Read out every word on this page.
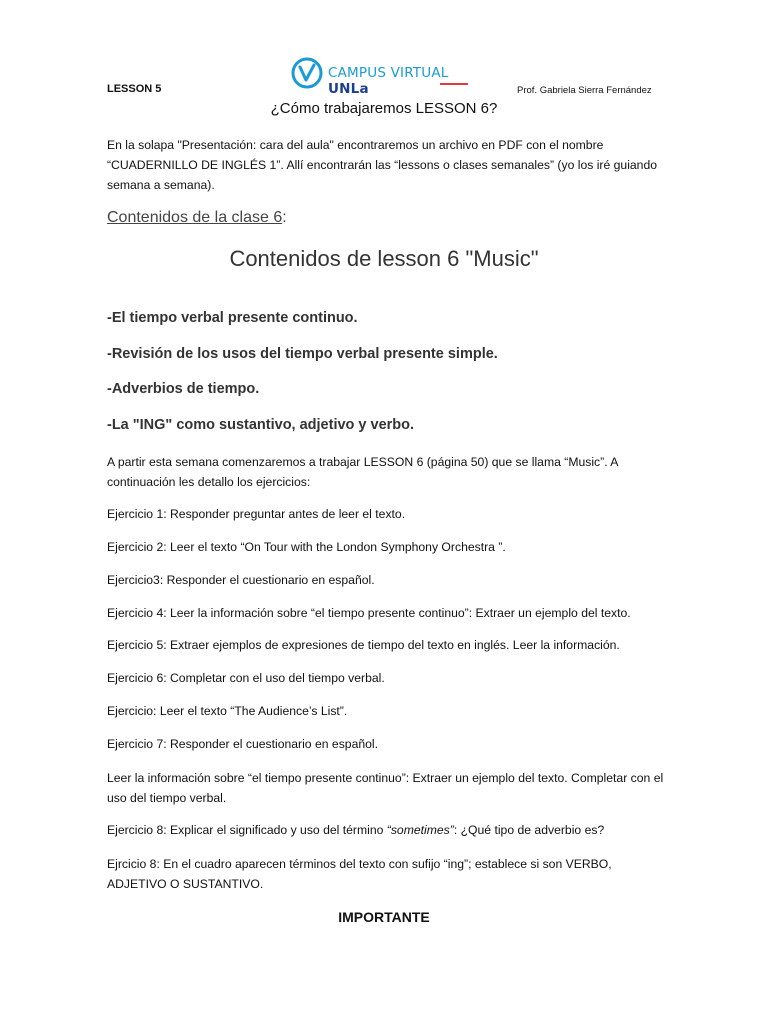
CAMPUS VIRTUAL UNLa
LESSON 5	Prof. Gabriela Sierra Fernández
¿Cómo trabajaremos LESSON 6?
En la solapa "Presentación: cara del aula" encontraremos un archivo en PDF con el nombre “CUADERNILLO DE INGLÉS 1”. Allí encontrarán las “lessons o clases semanales” (yo los iré guiando semana a semana).
Contenidos de la clase 6:
Contenidos de lesson 6 "Music"
-El tiempo verbal presente continuo.
-Revisión de los usos del tiempo verbal presente simple.
-Adverbios de tiempo.
-La "ING" como sustantivo, adjetivo y verbo.
A partir esta semana comenzaremos a trabajar LESSON 6 (página 50) que se llama “Music”. A continuación les detallo los ejercicios:
Ejercicio 1: Responder preguntar antes de leer el texto.
Ejercicio 2: Leer el texto “On Tour with the London Symphony Orchestra ”.
Ejercicio3: Responder el cuestionario en español.
Ejercicio 4: Leer la información sobre “el tiempo presente continuo”: Extraer un ejemplo del texto.
Ejercicio 5: Extraer ejemplos de expresiones de tiempo del texto en inglés. Leer la información.
Ejercicio 6: Completar con el uso del tiempo verbal.
Ejercicio: Leer el texto “The Audience’s List”.
Ejercicio 7: Responder el cuestionario en español.
Leer la información sobre “el tiempo presente continuo”: Extraer un ejemplo del texto. Completar con el uso del tiempo verbal.
Ejercicio 8: Explicar el significado y uso del término “sometimes”: ¿Qué tipo de adverbio es?
Ejrcicio 8: En el cuadro aparecen términos del texto con sufijo “ing”; establece si son VERBO, ADJETIVO O SUSTANTIVO.
IMPORTANTE
